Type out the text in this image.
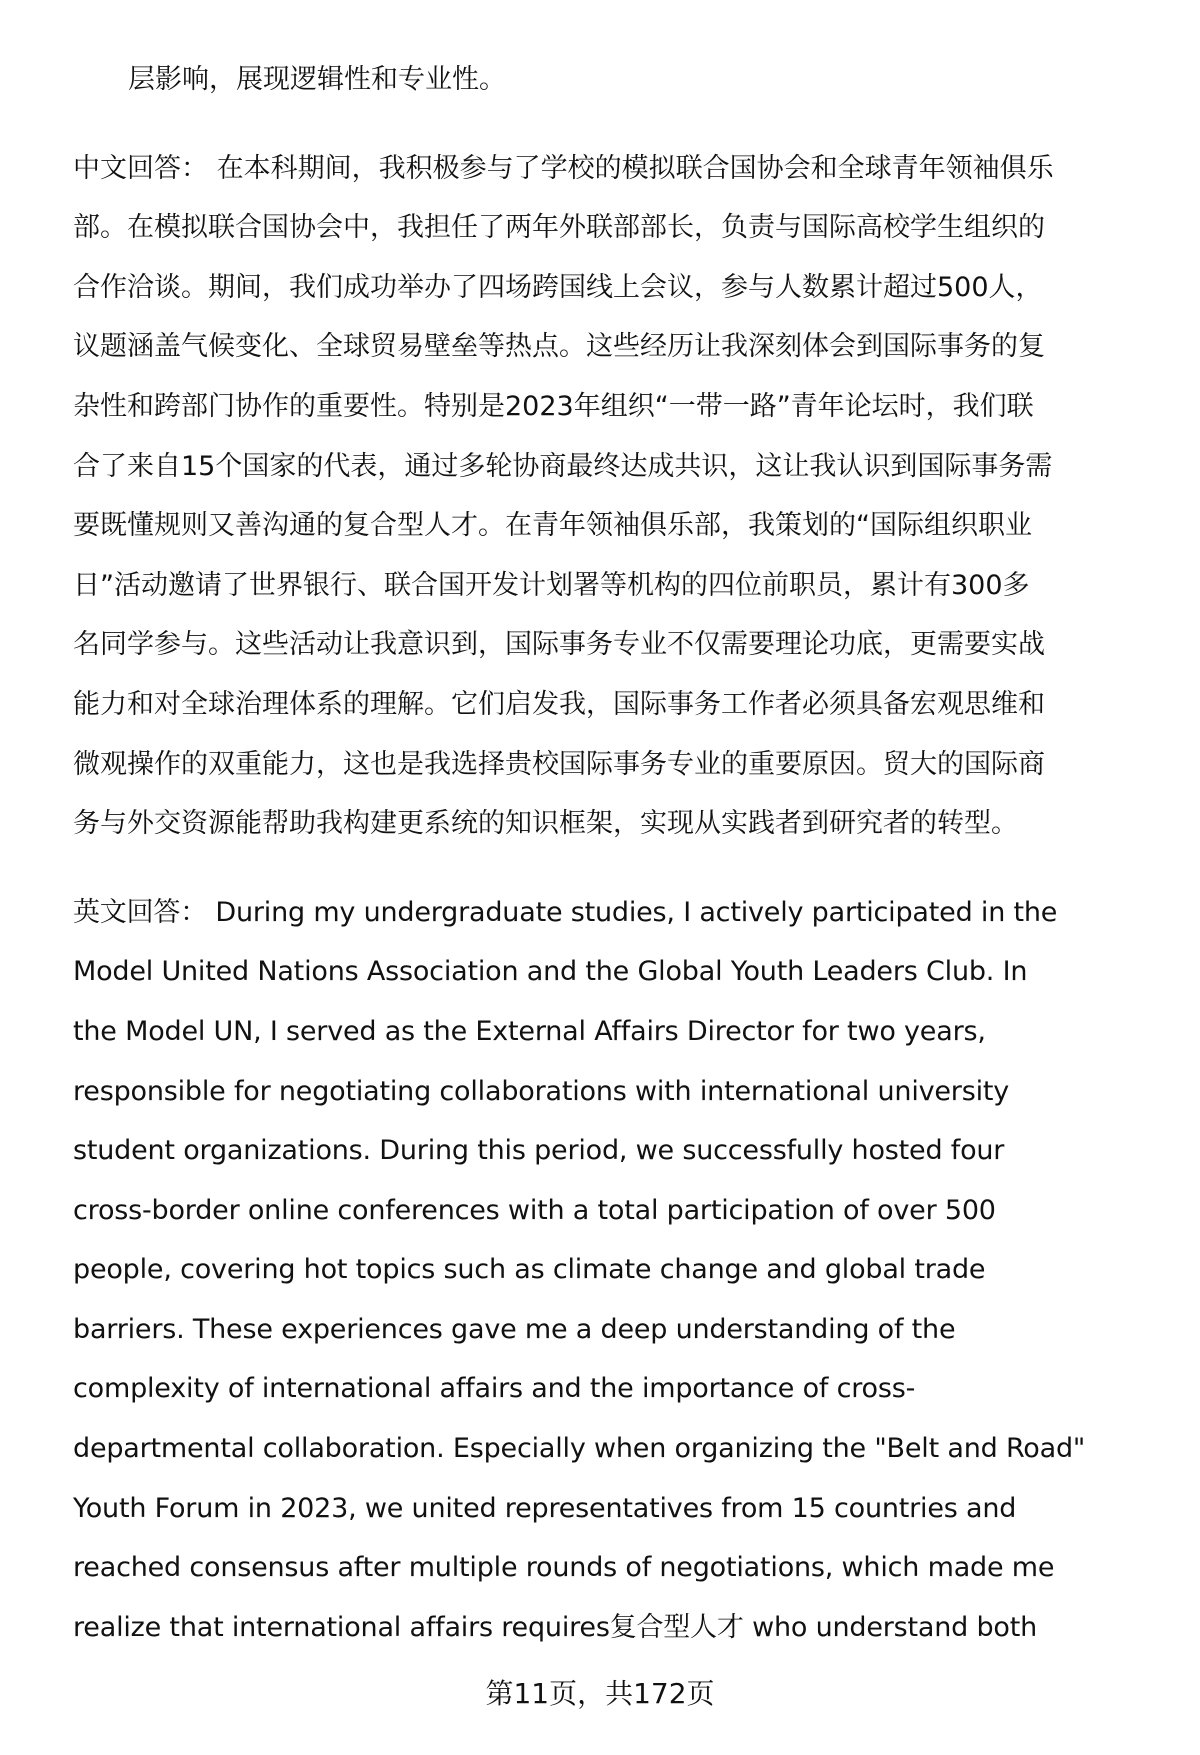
层影响，展现逻辑性和专业性。
中文回答： 在本科期间，我积极参与了学校的模拟联合国协会和全球青年领袖俱乐
部。在模拟联合国协会中，我担任了两年外联部部长，负责与国际高校学生组织的
合作洽谈。期间，我们成功举办了四场跨国线上会议，参与人数累计超过500人，
议题涵盖气候变化、全球贸易壁垒等热点。这些经历让我深刻体会到国际事务的复
杂性和跨部门协作的重要性。特别是2023年组织“一带一路”青年论坛时，我们联
合了来自15个国家的代表，通过多轮协商最终达成共识，这让我认识到国际事务需
要既懂规则又善沟通的复合型人才。在青年领袖俱乐部，我策划的“国际组织职业
日”活动邀请了世界银行、联合国开发计划署等机构的四位前职员，累计有300多
名同学参与。这些活动让我意识到，国际事务专业不仅需要理论功底，更需要实战
能力和对全球治理体系的理解。它们启发我，国际事务工作者必须具备宏观思维和
微观操作的双重能力，这也是我选择贵校国际事务专业的重要原因。贸大的国际商
务与外交资源能帮助我构建更系统的知识框架，实现从实践者到研究者的转型。
英文回答： During my undergraduate studies, I actively participated in the
Model United Nations Association and the Global Youth Leaders Club. In
the Model UN, I served as the External Affairs Director for two years,
responsible for negotiating collaborations with international university
student organizations. During this period, we successfully hosted four
cross-border online conferences with a total participation of over 500
people, covering hot topics such as climate change and global trade
barriers. These experiences gave me a deep understanding of the
complexity of international affairs and the importance of cross-
departmental collaboration. Especially when organizing the "Belt and Road"
Youth Forum in 2023, we united representatives from 15 countries and
reached consensus after multiple rounds of negotiations, which made me
realize that international affairs requires复合型人才 who understand both
第11页，共172页
